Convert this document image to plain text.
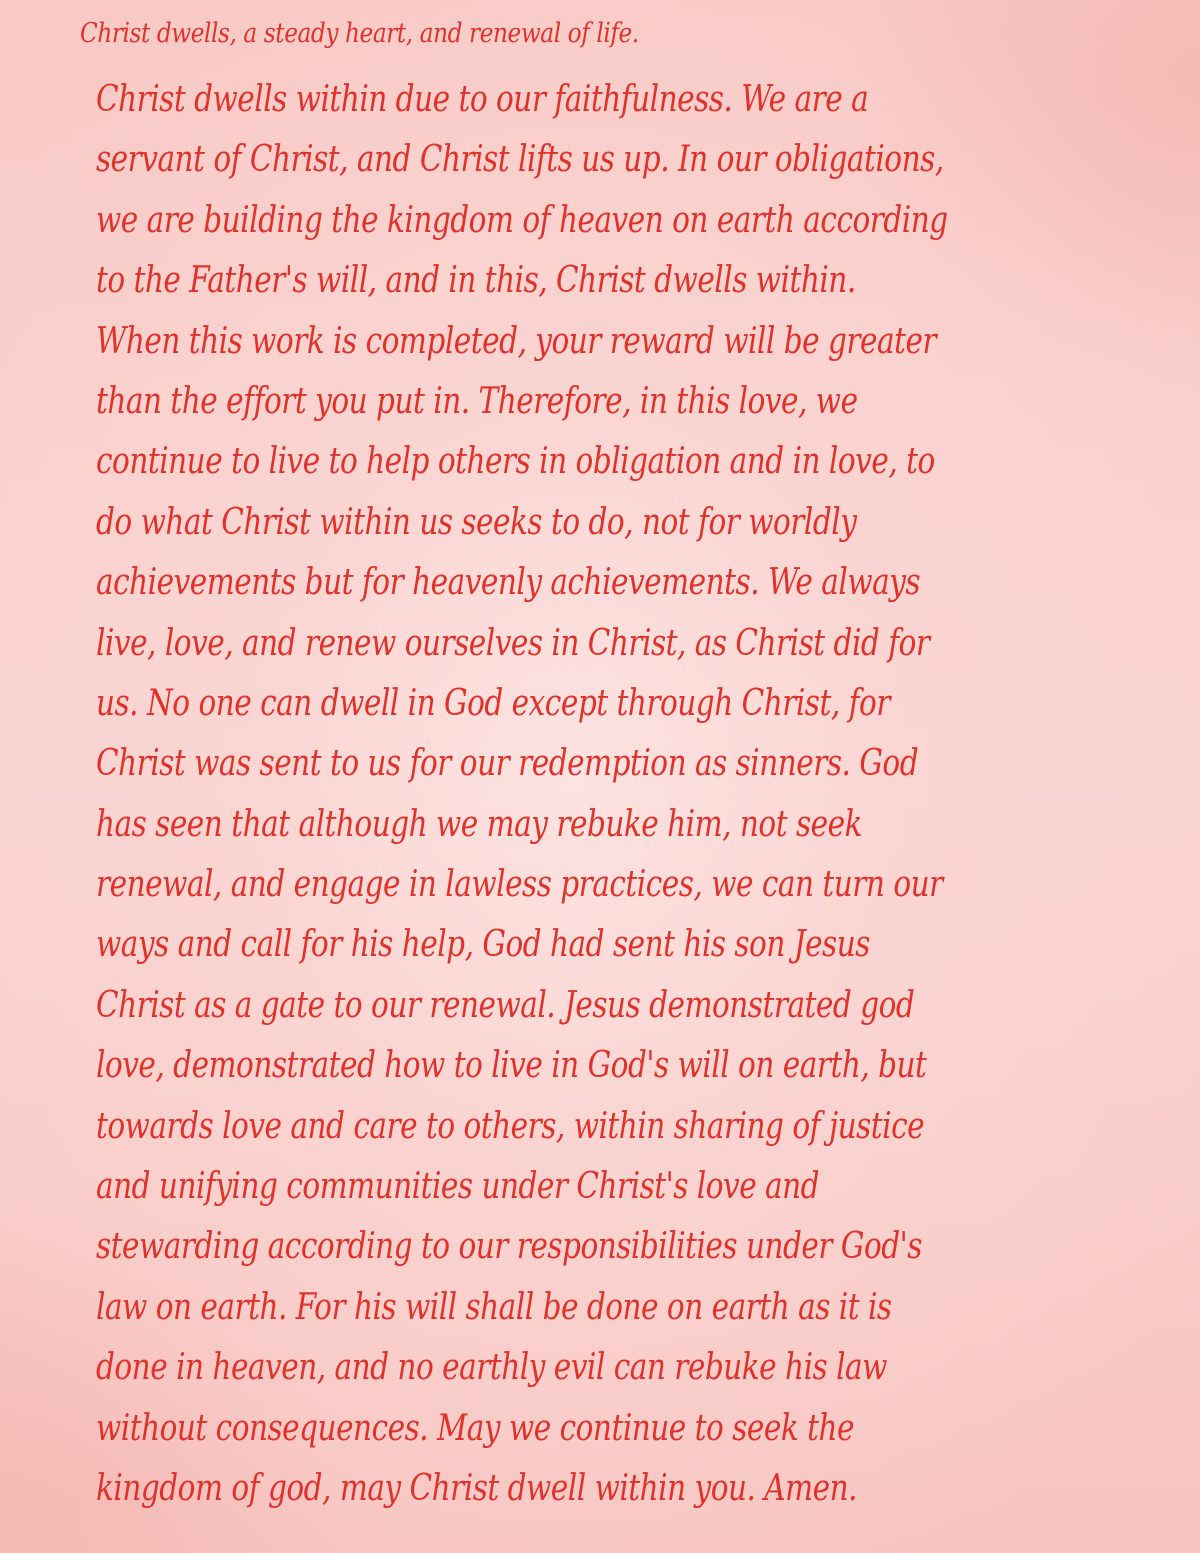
Christ dwells, a steady heart, and renewal of life.
Christ dwells within due to our faithfulness. We are a
servant of Christ, and Christ lifts us up. In our obligations,
we are building the kingdom of heaven on earth according
to the Father's will, and in this, Christ dwells within.
When this work is completed, your reward will be greater
than the effort you put in. Therefore, in this love, we
continue to live to help others in obligation and in love, to
do what Christ within us seeks to do, not for worldly
achievements but for heavenly achievements. We always
live, love, and renew ourselves in Christ, as Christ did for
us. No one can dwell in God except through Christ, for
Christ was sent to us for our redemption as sinners. God
has seen that although we may rebuke him, not seek
renewal, and engage in lawless practices, we can turn our
ways and call for his help, God had sent his son Jesus
Christ as a gate to our renewal. Jesus demonstrated god
love, demonstrated how to live in God's will on earth, but
towards love and care to others, within sharing of justice
and unifying communities under Christ's love and
stewarding according to our responsibilities under God's
law on earth. For his will shall be done on earth as it is
done in heaven, and no earthly evil can rebuke his law
without consequences. May we continue to seek the
kingdom of god, may Christ dwell within you. Amen.
